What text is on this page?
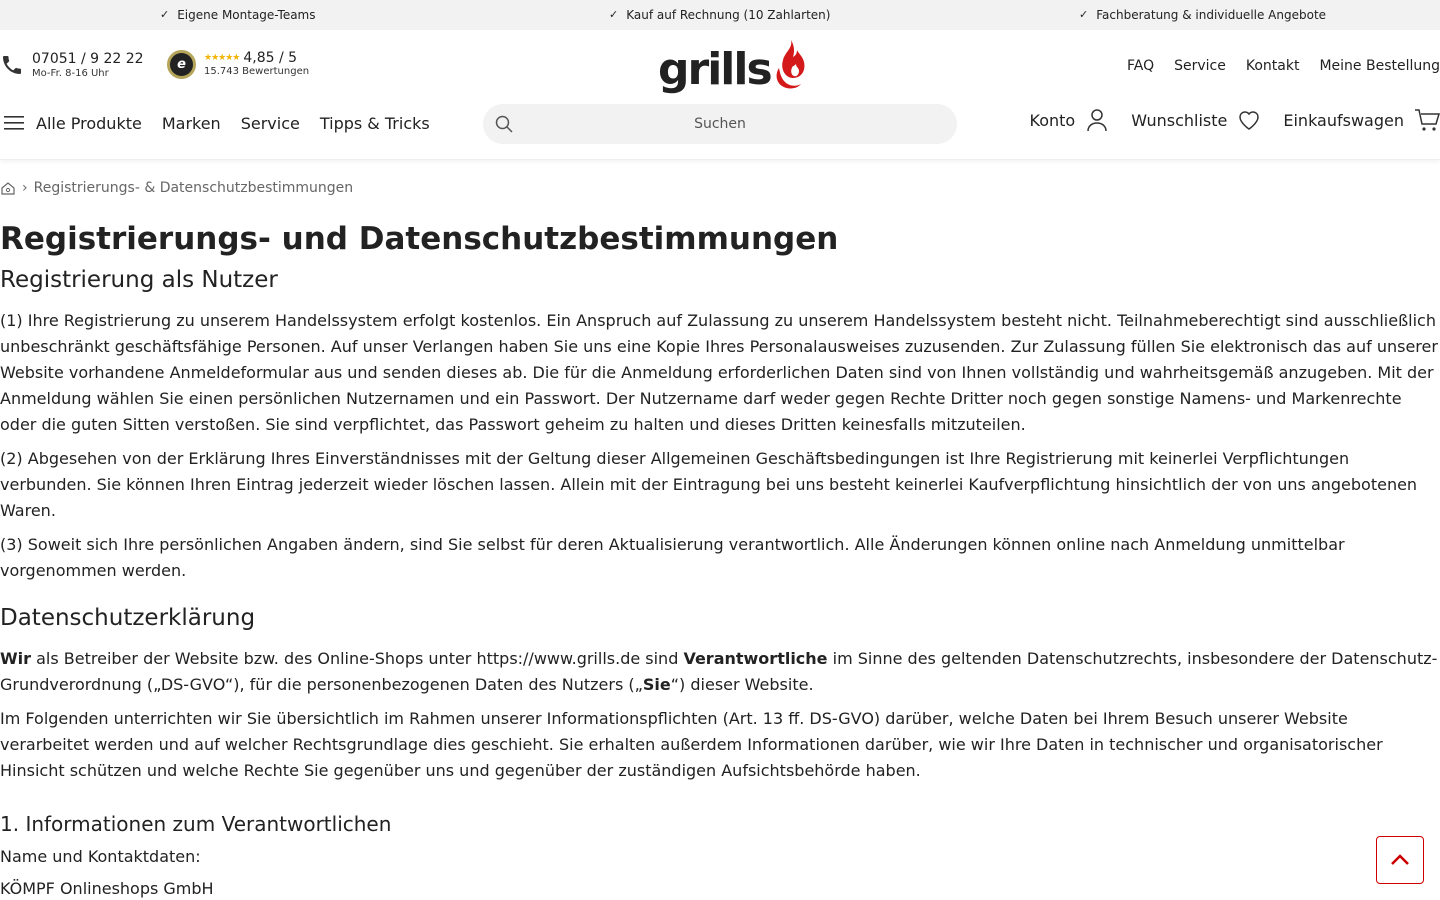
✓ Eigene Montage-Teams	✓ Kauf auf Rechnung (10 Zahlarten)	✓ Fachberatung & individuelle Angebote
07051 / 9 22 22
Mo-Fr. 8-16 Uhr
e	★★★★★ 4,85 / 5
15.743 Bewertungen	grills	FAQ Service Kontakt Meine Bestellung
Alle Produkte Marken Service Tipps & Tricks	Suchen	Konto	Wunschliste	Einkaufswagen
› Registrierungs- & Datenschutzbestimmungen
Registrierungs- und Datenschutzbestimmungen
Registrierung als Nutzer

(1) Ihre Registrierung zu unserem Handelssystem erfolgt kostenlos. Ein Anspruch auf Zulassung zu unserem Handelssystem besteht nicht. Teilnahmeberechtigt sind ausschließlich unbeschränkt geschäftsfähige Personen. Auf unser Verlangen haben Sie uns eine Kopie Ihres Personalausweises zuzusenden. Zur Zulassung füllen Sie elektronisch das auf unserer Website vorhandene Anmeldeformular aus und senden dieses ab. Die für die Anmeldung erforderlichen Daten sind von Ihnen vollständig und wahrheitsgemäß anzugeben. Mit der Anmeldung wählen Sie einen persönlichen Nutzernamen und ein Passwort. Der Nutzername darf weder gegen Rechte Dritter noch gegen sonstige Namens- und Markenrechte oder die guten Sitten verstoßen. Sie sind verpflichtet, das Passwort geheim zu halten und dieses Dritten keinesfalls mitzuteilen.

(2) Abgesehen von der Erklärung Ihres Einverständnisses mit der Geltung dieser Allgemeinen Geschäftsbedingungen ist Ihre Registrierung mit keinerlei Verpflichtungen verbunden. Sie können Ihren Eintrag jederzeit wieder löschen lassen. Allein mit der Eintragung bei uns besteht keinerlei Kaufverpflichtung hinsichtlich der von uns angebotenen Waren.

(3) Soweit sich Ihre persönlichen Angaben ändern, sind Sie selbst für deren Aktualisierung verantwortlich. Alle Änderungen können online nach Anmeldung unmittelbar vorgenommen werden.

Datenschutzerklärung

Wir als Betreiber der Website bzw. des Online-Shops unter https://www.grills.de sind Verantwortliche im Sinne des geltenden Datenschutzrechts, insbesondere der Datenschutz-Grundverordnung („DS-GVO“), für die personenbezogenen Daten des Nutzers („Sie“) dieser Website.

Im Folgenden unterrichten wir Sie übersichtlich im Rahmen unserer Informationspflichten (Art. 13 ff. DS-GVO) darüber, welche Daten bei Ihrem Besuch unserer Website verarbeitet werden und auf welcher Rechtsgrundlage dies geschieht. Sie erhalten außerdem Informationen darüber, wie wir Ihre Daten in technischer und organisatorischer Hinsicht schützen und welche Rechte Sie gegenüber uns und gegenüber der zuständigen Aufsichtsbehörde haben.

1. Informationen zum Verantwortlichen

Name und Kontaktdaten:

KÖMPF Onlineshops GmbH
